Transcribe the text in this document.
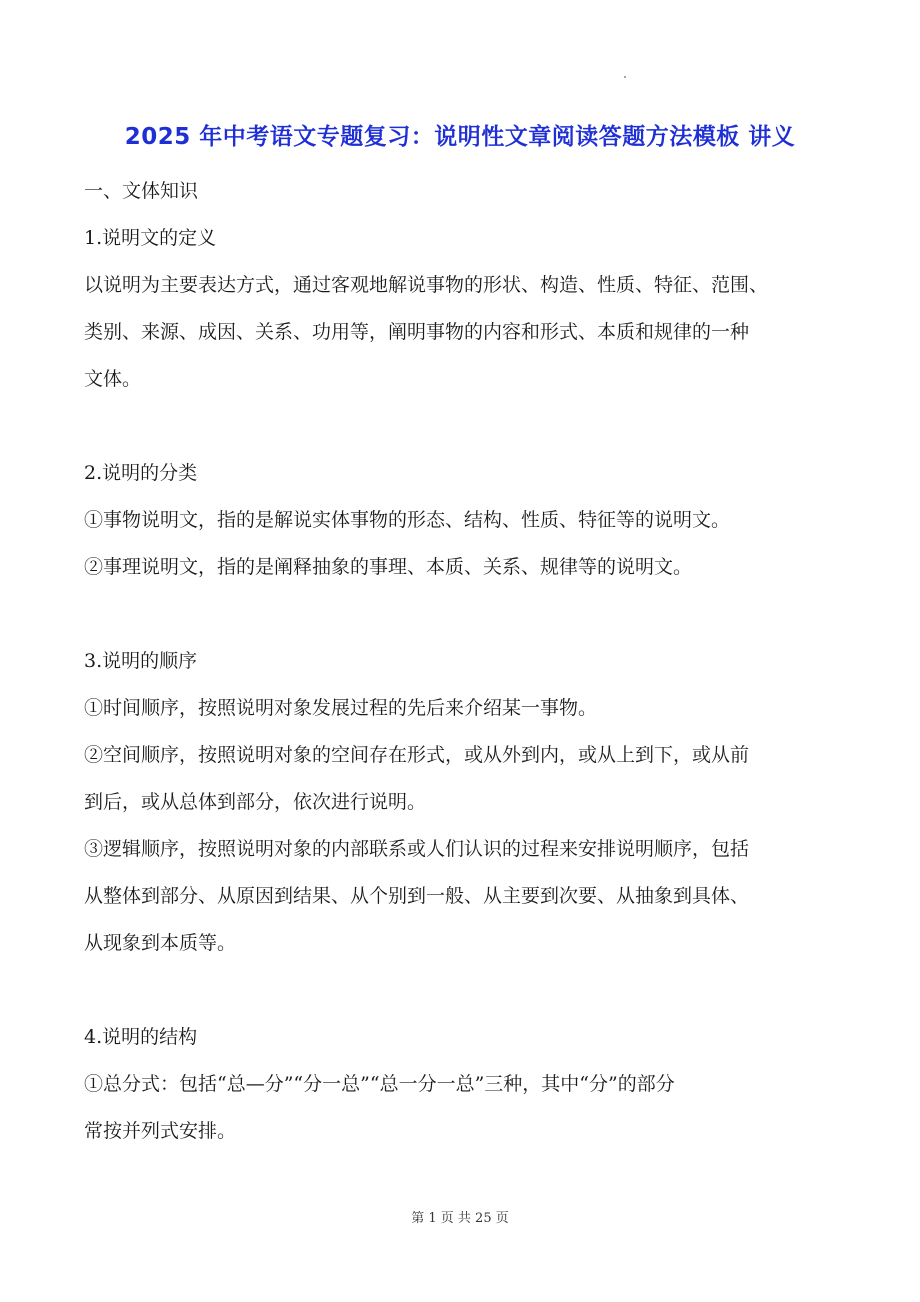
2025 年中考语文专题复习：说明性文章阅读答题方法模板 讲义

一、文体知识

1.说明文的定义

以说明为主要表达方式，通过客观地解说事物的形状、构造、性质、特征、范围、

类别、来源、成因、关系、功用等，阐明事物的内容和形式、本质和规律的一种

文体。

2.说明的分类

①事物说明文，指的是解说实体事物的形态、结构、性质、特征等的说明文。

②事理说明文，指的是阐释抽象的事理、本质、关系、规律等的说明文。

3.说明的顺序

①时间顺序，按照说明对象发展过程的先后来介绍某一事物。

②空间顺序，按照说明对象的空间存在形式，或从外到内，或从上到下，或从前

到后，或从总体到部分，依次进行说明。

③逻辑顺序，按照说明对象的内部联系或人们认识的过程来安排说明顺序，包括

从整体到部分、从原因到结果、从个别到一般、从主要到次要、从抽象到具体、

从现象到本质等。

4.说明的结构

①总分式：包括“总—分”“分一总”“总一分一总”三种，其中“分”的部分

常按并列式安排。

第 1 页 共 25 页
